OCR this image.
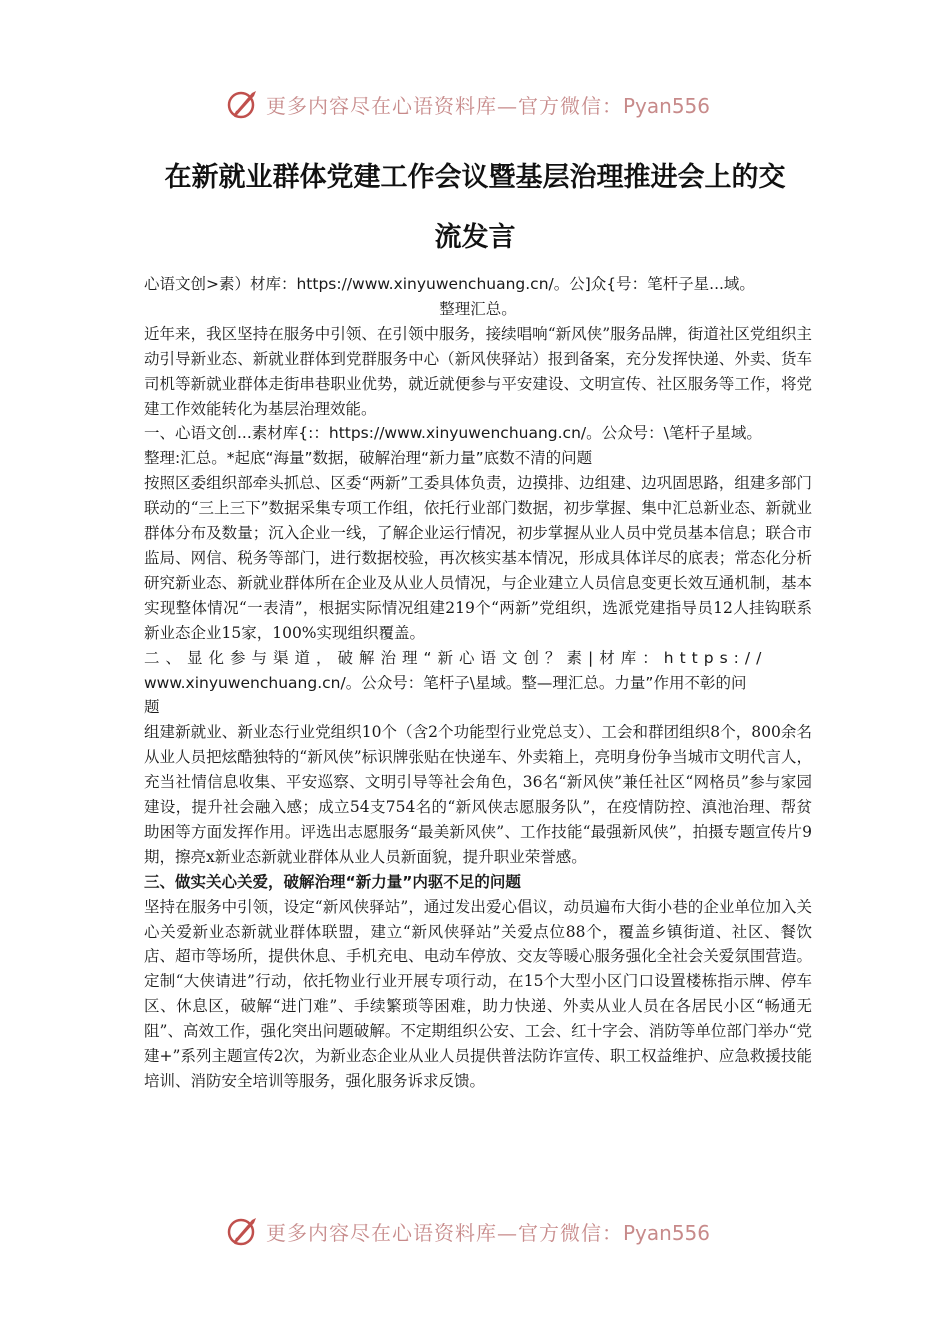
更多内容尽在心语资料库—官方微信：Pyan556
在新就业群体党建工作会议暨基层治理推进会上的交
流发言

心语文创>素）材库：https://www.xinyuwenchuang.cn/。公]众{号：笔杆子星...域。

整理汇总。

近年来，我区坚持在服务中引领、在引领中服务，接续唱响“新风侠”服务品牌，街道社区党组织主动引导新业态、新就业群体到党群服务中心（新风侠驿站）报到备案，充分发挥快递、外卖、货车司机等新就业群体走街串巷职业优势，就近就便参与平安建设、文明宣传、社区服务等工作，将党建工作效能转化为基层治理效能。

一、心语文创...素材库{:：https://www.xinyuwenchuang.cn/。公众号：\笔杆子星域。

整理:汇总。*起底“海量”数据，破解治理“新力量”底数不清的问题

按照区委组织部牵头抓总、区委“两新”工委具体负责，边摸排、边组建、边巩固思路，组建多部门联动的“三上三下”数据采集专项工作组，依托行业部门数据，初步掌握、集中汇总新业态、新就业群体分布及数量；沉入企业一线，了解企业运行情况，初步掌握从业人员中党员基本信息；联合市监局、网信、税务等部门，进行数据校验，再次核实基本情况，形成具体详尽的底表；常态化分析研究新业态、新就业群体所在企业及从业人员情况，与企业建立人员信息变更长效互通机制，基本实现整体情况“一表清”，根据实际情况组建219个“两新”党组织，选派党建指导员12人挂钩联系新业态企业15家，100%实现组织覆盖。

二、显化参与渠道，破解治理“新心语文创？素|材库：https://

www.xinyuwenchuang.cn/。公众号：笔杆子\星域。整—理汇总。力量”作用不彰的问

题

组建新就业、新业态行业党组织10个（含2个功能型行业党总支）、工会和群团组织8个，800余名从业人员把炫酷独特的“新风侠”标识牌张贴在快递车、外卖箱上，亮明身份争当城市文明代言人，充当社情信息收集、平安巡察、文明引导等社会角色，36名“新风侠”兼任社区“网格员”参与家园建设，提升社会融入感；成立54支754名的“新风侠志愿服务队”，在疫情防控、滇池治理、帮贫助困等方面发挥作用。评选出志愿服务“最美新风侠”、工作技能“最强新风侠”，拍摄专题宣传片9期，擦亮x新业态新就业群体从业人员新面貌，提升职业荣誉感。

三、做实关心关爱，破解治理“新力量”内驱不足的问题

坚持在服务中引领，设定“新风侠驿站”，通过发出爱心倡议，动员遍布大街小巷的企业单位加入关心关爱新业态新就业群体联盟，建立“新风侠驿站”关爱点位88个，覆盖乡镇街道、社区、餐饮店、超市等场所，提供休息、手机充电、电动车停放、交友等暖心服务强化全社会关爱氛围营造。定制“大侠请进”行动，依托物业行业开展专项行动，在15个大型小区门口设置楼栋指示牌、停车区、休息区，破解“进门难”、手续繁琐等困难，助力快递、外卖从业人员在各居民小区“畅通无阻”、高效工作，强化突出问题破解。不定期组织公安、工会、红十字会、消防等单位部门举办“党建+”系列主题宣传2次，为新业态企业从业人员提供普法防诈宣传、职工权益维护、应急救援技能培训、消防安全培训等服务，强化服务诉求反馈。

更多内容尽在心语资料库—官方微信：Pyan556
